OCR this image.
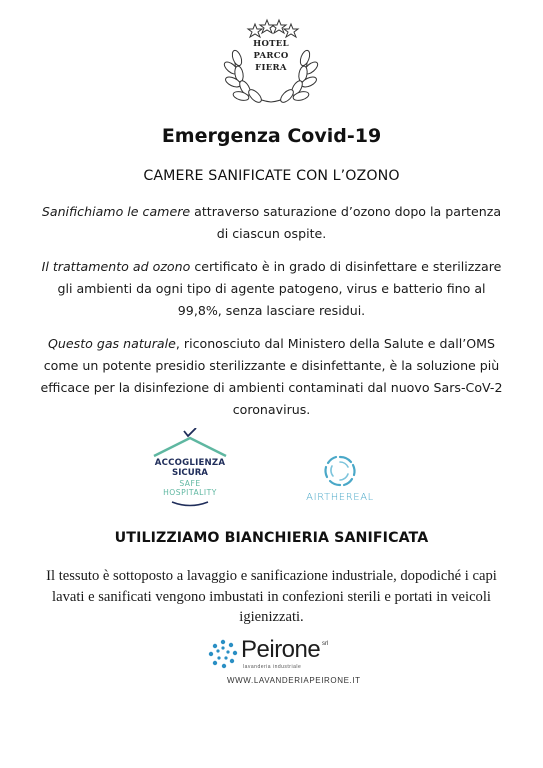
HOTEL
PARCO
FIERA
Emergenza Covid-19
CAMERE SANIFICATE CON L’OZONO
Sanifichiamo le camere attraverso saturazione d’ozono dopo la partenza di ciascun ospite.
Il trattamento ad ozono certificato è in grado di disinfettare e sterilizzare gli ambienti da ogni tipo di agente patogeno, virus e batterio fino al 99,8%, senza lasciare residui.
Questo gas naturale, riconosciuto dal Ministero della Salute e dall’OMS come un potente presidio sterilizzante e disinfettante, è la soluzione più efficace per la disinfezione di ambienti contaminati dal nuovo Sars-CoV-2 coronavirus.
ACCOGLIENZA
SICURA
SAFE
HOSPITALITY	AIRTHEREAL
UTILIZZIAMO BIANCHIERIA SANIFICATA
Il tessuto è sottoposto a lavaggio e sanificazione industriale, dopodiché i capi lavati e sanificati vengono imbustati in confezioni sterili e portati in veicoli igienizzati.
Peirone srl
lavanderia industriale
WWW.LAVANDERIAPEIRONE.IT
